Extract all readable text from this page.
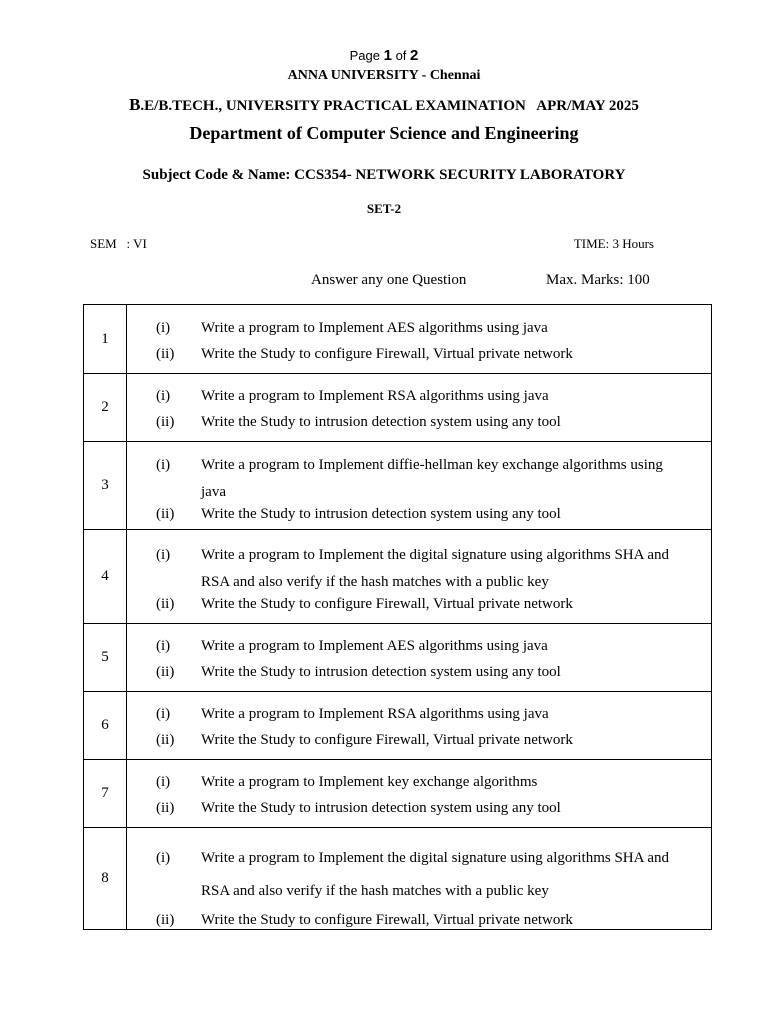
Page 1 of 2
ANNA UNIVERSITY - Chennai
B.E/B.TECH., UNIVERSITY PRACTICAL EXAMINATION   APR/MAY 2025
Department of Computer Science and Engineering
Subject Code & Name: CCS354- NETWORK SECURITY LABORATORY
SET-2
SEM   : VI	TIME: 3 Hours
Answer any one Question	Max. Marks: 100
1	(i) Write a program to Implement AES algorithms using java
(ii) Write the Study to configure Firewall, Virtual private network

2	(i) Write a program to Implement RSA algorithms using java
(ii) Write the Study to intrusion detection system using any tool

3	(i) Write a program to Implement diffie-hellman key exchange algorithms using java
(ii) Write the Study to intrusion detection system using any tool

4	(i) Write a program to Implement the digital signature using algorithms SHA and RSA and also verify if the hash matches with a public key
(ii) Write the Study to configure Firewall, Virtual private network

5	(i) Write a program to Implement AES algorithms using java
(ii) Write the Study to intrusion detection system using any tool

6	(i) Write a program to Implement RSA algorithms using java
(ii) Write the Study to configure Firewall, Virtual private network

7	(i) Write a program to Implement key exchange algorithms
(ii) Write the Study to intrusion detection system using any tool

8	(i) Write a program to Implement the digital signature using algorithms SHA and RSA and also verify if the hash matches with a public key
(ii) Write the Study to configure Firewall, Virtual private network
